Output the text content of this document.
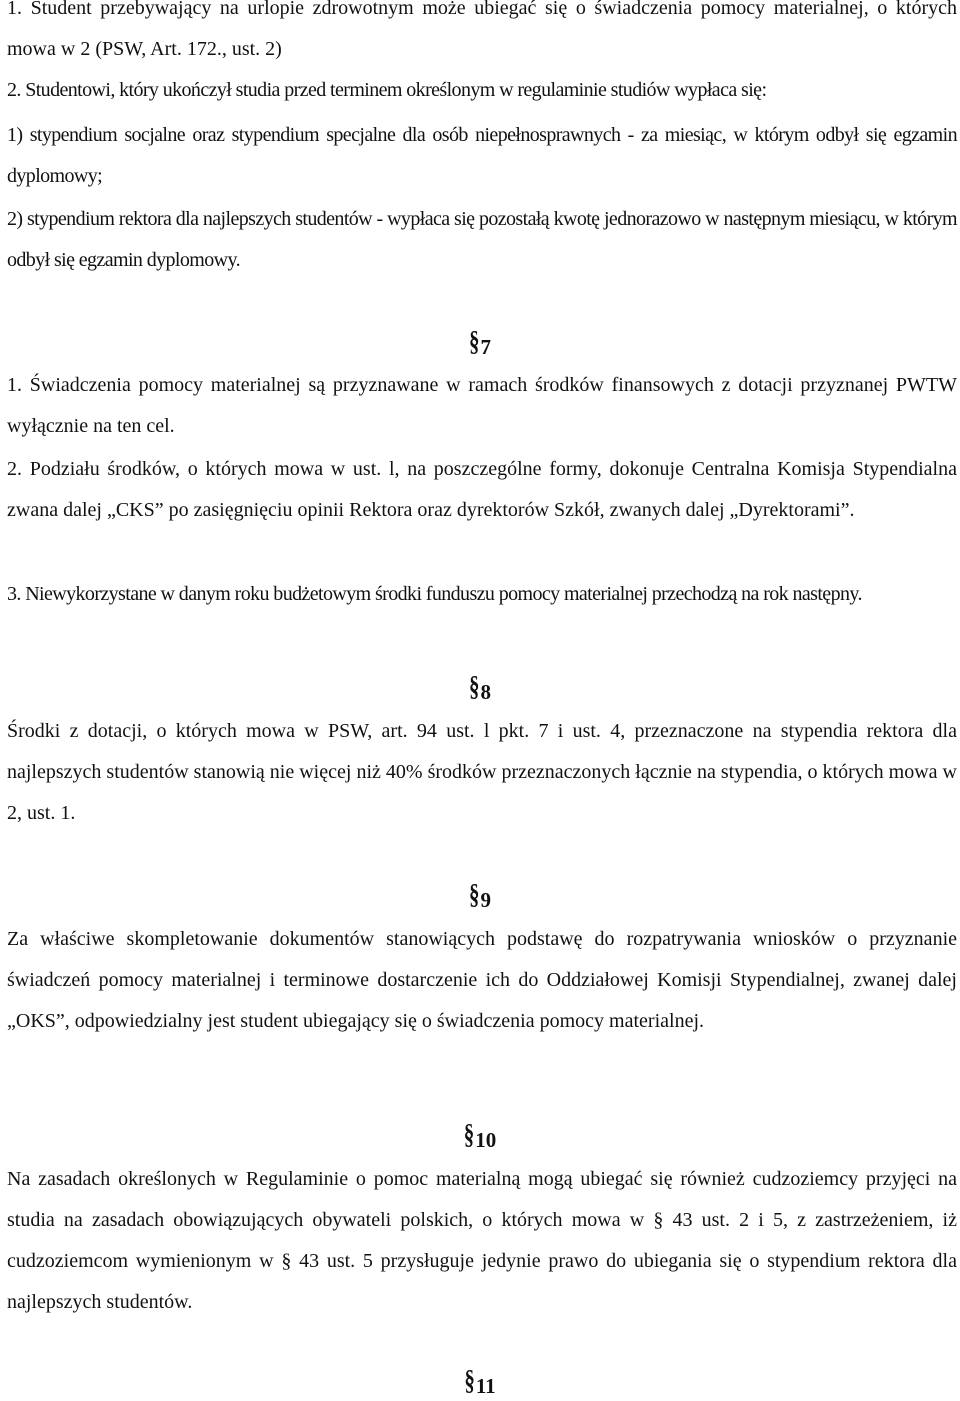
1. Student przebywający na urlopie zdrowotnym może ubiegać się o świadczenia pomocy materialnej, o których mowa w 2 (PSW, Art. 172., ust. 2)

2. Studentowi, który ukończył studia przed terminem określonym w regulaminie studiów wypłaca się:

1) stypendium socjalne oraz stypendium specjalne dla osób niepełnosprawnych - za miesiąc, w którym odbył się egzamin dyplomowy;

2) stypendium rektora dla najlepszych studentów - wypłaca się pozostałą kwotę jednorazowo w następnym miesiącu, w którym odbył się egzamin dyplomowy.

§7

1. Świadczenia pomocy materialnej są przyznawane w ramach środków finansowych z dotacji przyznanej PWTW wyłącznie na ten cel.

2. Podziału środków, o których mowa w ust. l, na poszczególne formy, dokonuje Centralna Komisja Stypendialna zwana dalej „CKS” po zasięgnięciu opinii Rektora oraz dyrektorów Szkół, zwanych dalej „Dyrektorami”.

3. Niewykorzystane w danym roku budżetowym środki funduszu pomocy materialnej przechodzą na rok następny.

§8

Środki z dotacji, o których mowa w PSW, art. 94 ust. l pkt. 7 i ust. 4, przeznaczone na stypendia rektora dla najlepszych studentów stanowią nie więcej niż 40% środków przeznaczonych łącznie na stypendia, o których mowa w 2, ust. 1.

§9

Za właściwe skompletowanie dokumentów stanowiących podstawę do rozpatrywania wniosków o przyznanie świadczeń pomocy materialnej i terminowe dostarczenie ich do Oddziałowej Komisji Stypendialnej, zwanej dalej „OKS”, odpowiedzialny jest student ubiegający się o świadczenia pomocy materialnej.

§10

Na zasadach określonych w Regulaminie o pomoc materialną mogą ubiegać się również cudzoziemcy przyjęci na studia na zasadach obowiązujących obywateli polskich, o których mowa w § 43 ust. 2 i 5, z zastrzeżeniem, iż cudzoziemcom wymienionym w § 43 ust. 5 przysługuje jedynie prawo do ubiegania się o stypendium rektora dla najlepszych studentów.

§11
